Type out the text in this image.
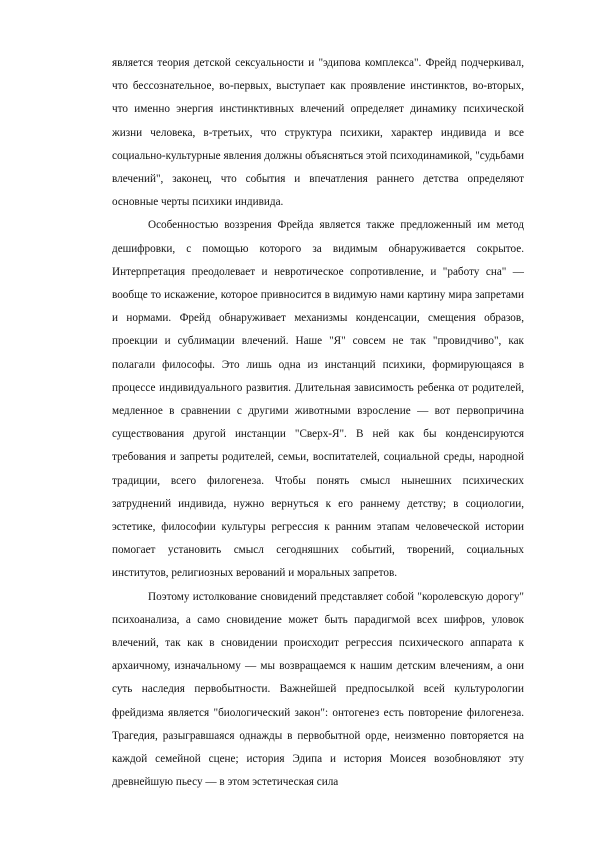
является теория детской сексуальности и "эдипова комплекса". Фрейд подчеркивал, что бессознательное, во-первых, выступает как проявление инстинктов, во-вторых, что именно энергия инстинктивных влечений определяет динамику психической жизни человека, в-третьих, что структура психики, характер индивида и все социально-культурные явления должны объясняться этой психодинамикой, "судьбами влечений", законец, что события и впечатления раннего детства определяют основные черты психики индивида.

Особенностью воззрения Фрейда является также предложенный им метод дешифровки, с помощью которого за видимым обнаруживается сокрытое. Интерпретация преодолевает и невротическое сопротивление, и "работу сна" — вообще то искажение, которое привносится в видимую нами картину мира запретами и нормами. Фрейд обнаруживает механизмы конденсации, смещения образов, проекции и сублимации влечений. Наше "Я" совсем не так "провидчиво", как полагали философы. Это лишь одна из инстанций психики, формирующаяся в процессе индивидуального развития. Длительная зависимость ребенка от родителей, медленное в сравнении с другими животными взросление — вот первопричина существования другой инстанции "Сверх-Я". В ней как бы конденсируются требования и запреты родителей, семьи, воспитателей, социальной среды, народной традиции, всего филогенеза. Чтобы понять смысл нынешних психических затруднений индивида, нужно вернуться к его раннему детству; в социологии, эстетике, философии культуры регрессия к ранним этапам человеческой истории помогает установить смысл сегодняшних событий, творений, социальных институтов, религиозных верований и моральных запретов.

Поэтому истолкование сновидений представляет собой "королевскую дорогу" психоанализа, а само сновидение может быть парадигмой всех шифров, уловок влечений, так как в сновидении происходит регрессия психического аппарата к архаичному, изначальному — мы возвращаемся к нашим детским влечениям, а они суть наследия первобытности. Важнейшей предпосылкой всей культурологии фрейдизма является "биологический закон": онтогенез есть повторение филогенеза. Трагедия, разыгравшаяся однажды в первобытной орде, неизменно повторяется на каждой семейной сцене; история Эдипа и история Моисея возобновляют эту древнейшую пьесу — в этом эстетическая сила
